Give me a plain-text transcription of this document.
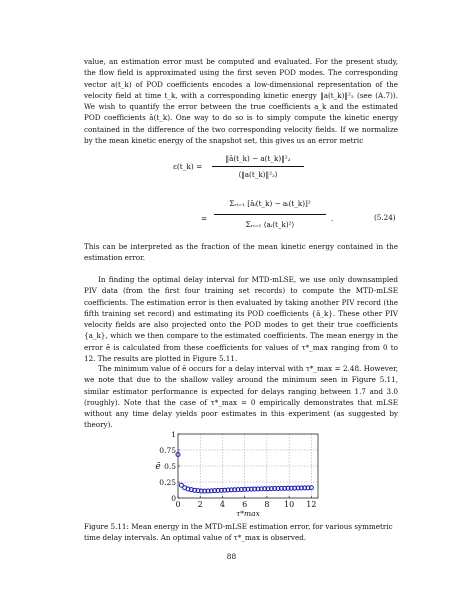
value, an estimation error must be computed and evaluated. For the present study, the flow field is approximated using the first seven POD modes. The corresponding vector a(t_k) of POD coefficients encodes a low-dimensional representation of the velocity field at time t_k, with a corresponding kinetic energy ‖a(t_k)‖²₂ (see (A.7)). We wish to quantify the error between the true coefficients a_k and the estimated POD coefficients â(t_k). One way to do so is to simply compute the kinetic energy contained in the difference of the two corresponding velocity fields. If we normalize by the mean kinetic energy of the snapshot set, this gives us an error metric

ε(t_k) =
‖â(t_k) − a(t_k)‖²₂
⟨‖a(t_k)‖²₂⟩
=
Σᵣᵢ₌₁ [âᵢ(t_k) − aᵢ(t_k)]²
Σᵣᵢ₌₁ ⟨aᵢ(t_k)²⟩
.	(5.24)

This can be interpreted as the fraction of the mean kinetic energy contained in the estimation error.

In finding the optimal delay interval for MTD-mLSE, we use only downsampled PIV data (from the first four training set records) to compute the MTD-mLSE coefficients. The estimation error is then evaluated by taking another PIV record (the fifth training set record) and estimating its POD coefficients {â_k}. These other PIV velocity fields are also projected onto the POD modes to get their true coefficients {a_k}, which we then compare to the estimated coefficients. The mean energy in the error ē is calculated from these coefficients for values of τ*_max ranging from 0 to 12. The results are plotted in Figure 5.11.

The minimum value of ē occurs for a delay interval with τ*_max = 2.48. However, we note that due to the shallow valley around the minimum seen in Figure 5.11, similar estimator performance is expected for delays ranging between 1.7 and 3.0 (roughly). Note that the case of τ*_max = 0 empirically demonstrates that mLSE without any time delay yields poor estimates in this experiment (as suggested by theory).

0 2 4 6 8 10 12
0
0.25
0.5
0.75
1
τ*max
ē

Figure 5.11: Mean energy in the MTD-mLSE estimation error, for various symmetric time delay intervals. An optimal value of τ*_max is observed.

88
